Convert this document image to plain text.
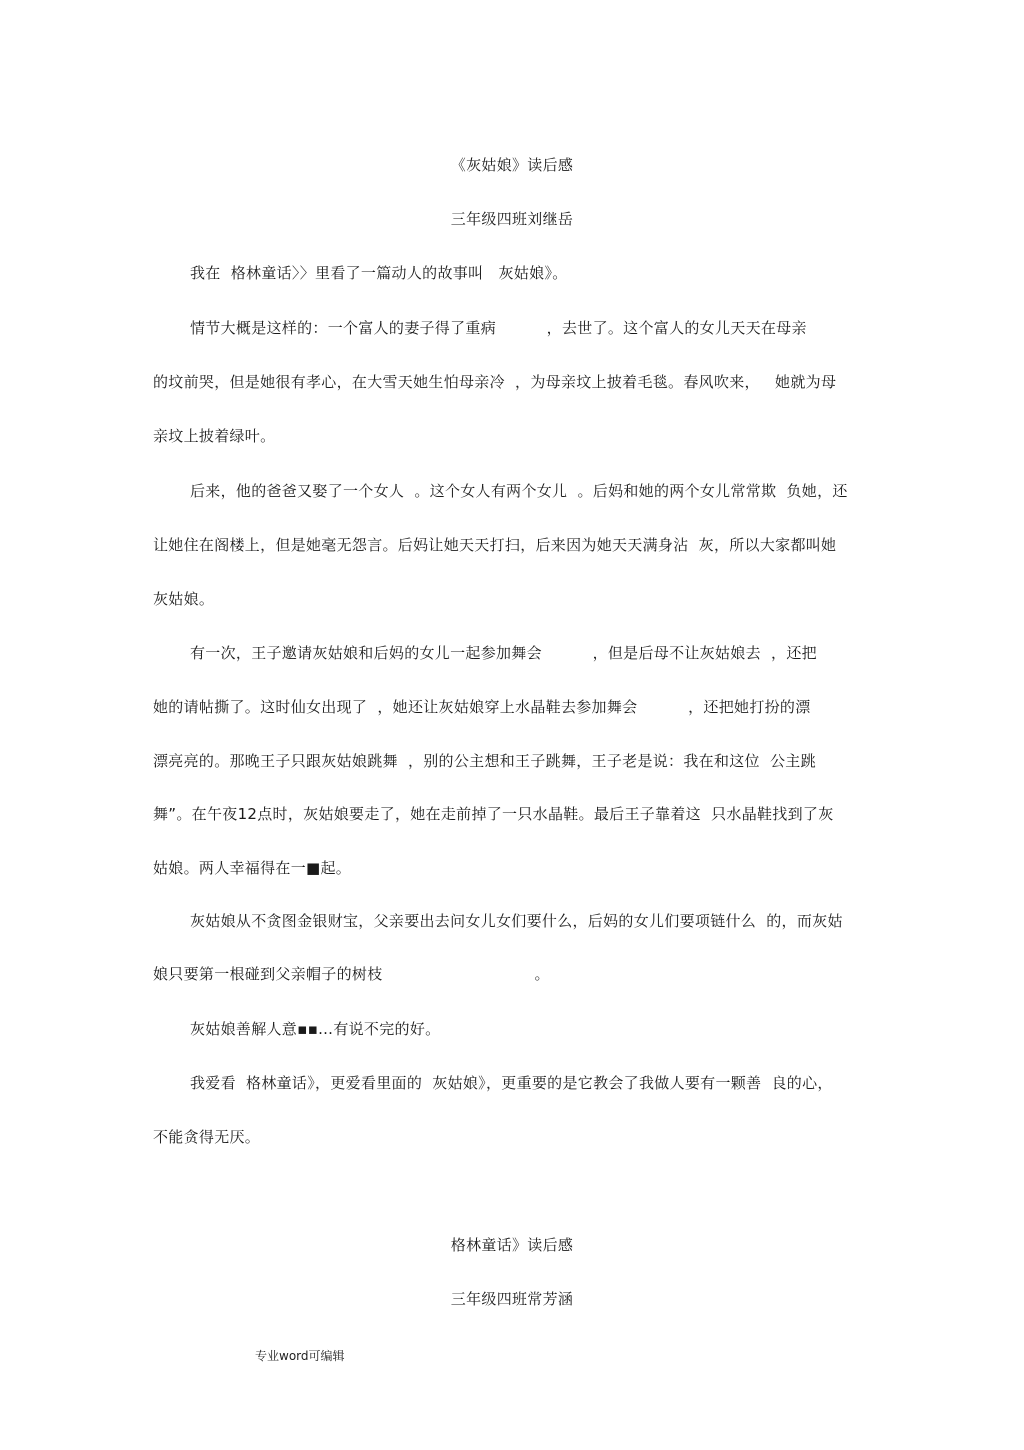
《灰姑娘》读后感
三年级四班刘继岳
我在  格林童话〉〉里看了一篇动人的故事叫   灰姑娘》。
情节大概是这样的：一个富人的妻子得了重病          ，去世了。这个富人的女儿天天在母亲
的坟前哭，但是她很有孝心，在大雪天她生怕母亲冷  ，为母亲坟上披着毛毯。春风吹来，   她就为母
亲坟上披着绿叶。
后来，他的爸爸又娶了一个女人  。这个女人有两个女儿  。后妈和她的两个女儿常常欺  负她，还
让她住在阁楼上，但是她毫无怨言。后妈让她天天打扫，后来因为她天天满身沾  灰，所以大家都叫她
灰姑娘。
有一次，王子邀请灰姑娘和后妈的女儿一起参加舞会          ，但是后母不让灰姑娘去  ，还把
她的请帖撕了。这时仙女出现了  ，她还让灰姑娘穿上水晶鞋去参加舞会          ，还把她打扮的漂
漂亮亮的。那晚王子只跟灰姑娘跳舞  ，别的公主想和王子跳舞，王子老是说：我在和这位  公主跳
舞”。在午夜12点时，灰姑娘要走了，她在走前掉了一只水晶鞋。最后王子靠着这  只水晶鞋找到了灰
姑娘。两人幸福得在一■起。
灰姑娘从不贪图金银财宝，父亲要出去问女儿女们要什么，后妈的女儿们要项链什么  的，而灰姑
娘只要第一根碰到父亲帽子的树枝                              。
灰姑娘善解人意▪▪…有说不完的好。
我爱看  格林童话》，更爱看里面的  灰姑娘》，更重要的是它教会了我做人要有一颗善  良的心，
不能贪得无厌。
格林童话》读后感
三年级四班常芳涵
专业word可编辑
